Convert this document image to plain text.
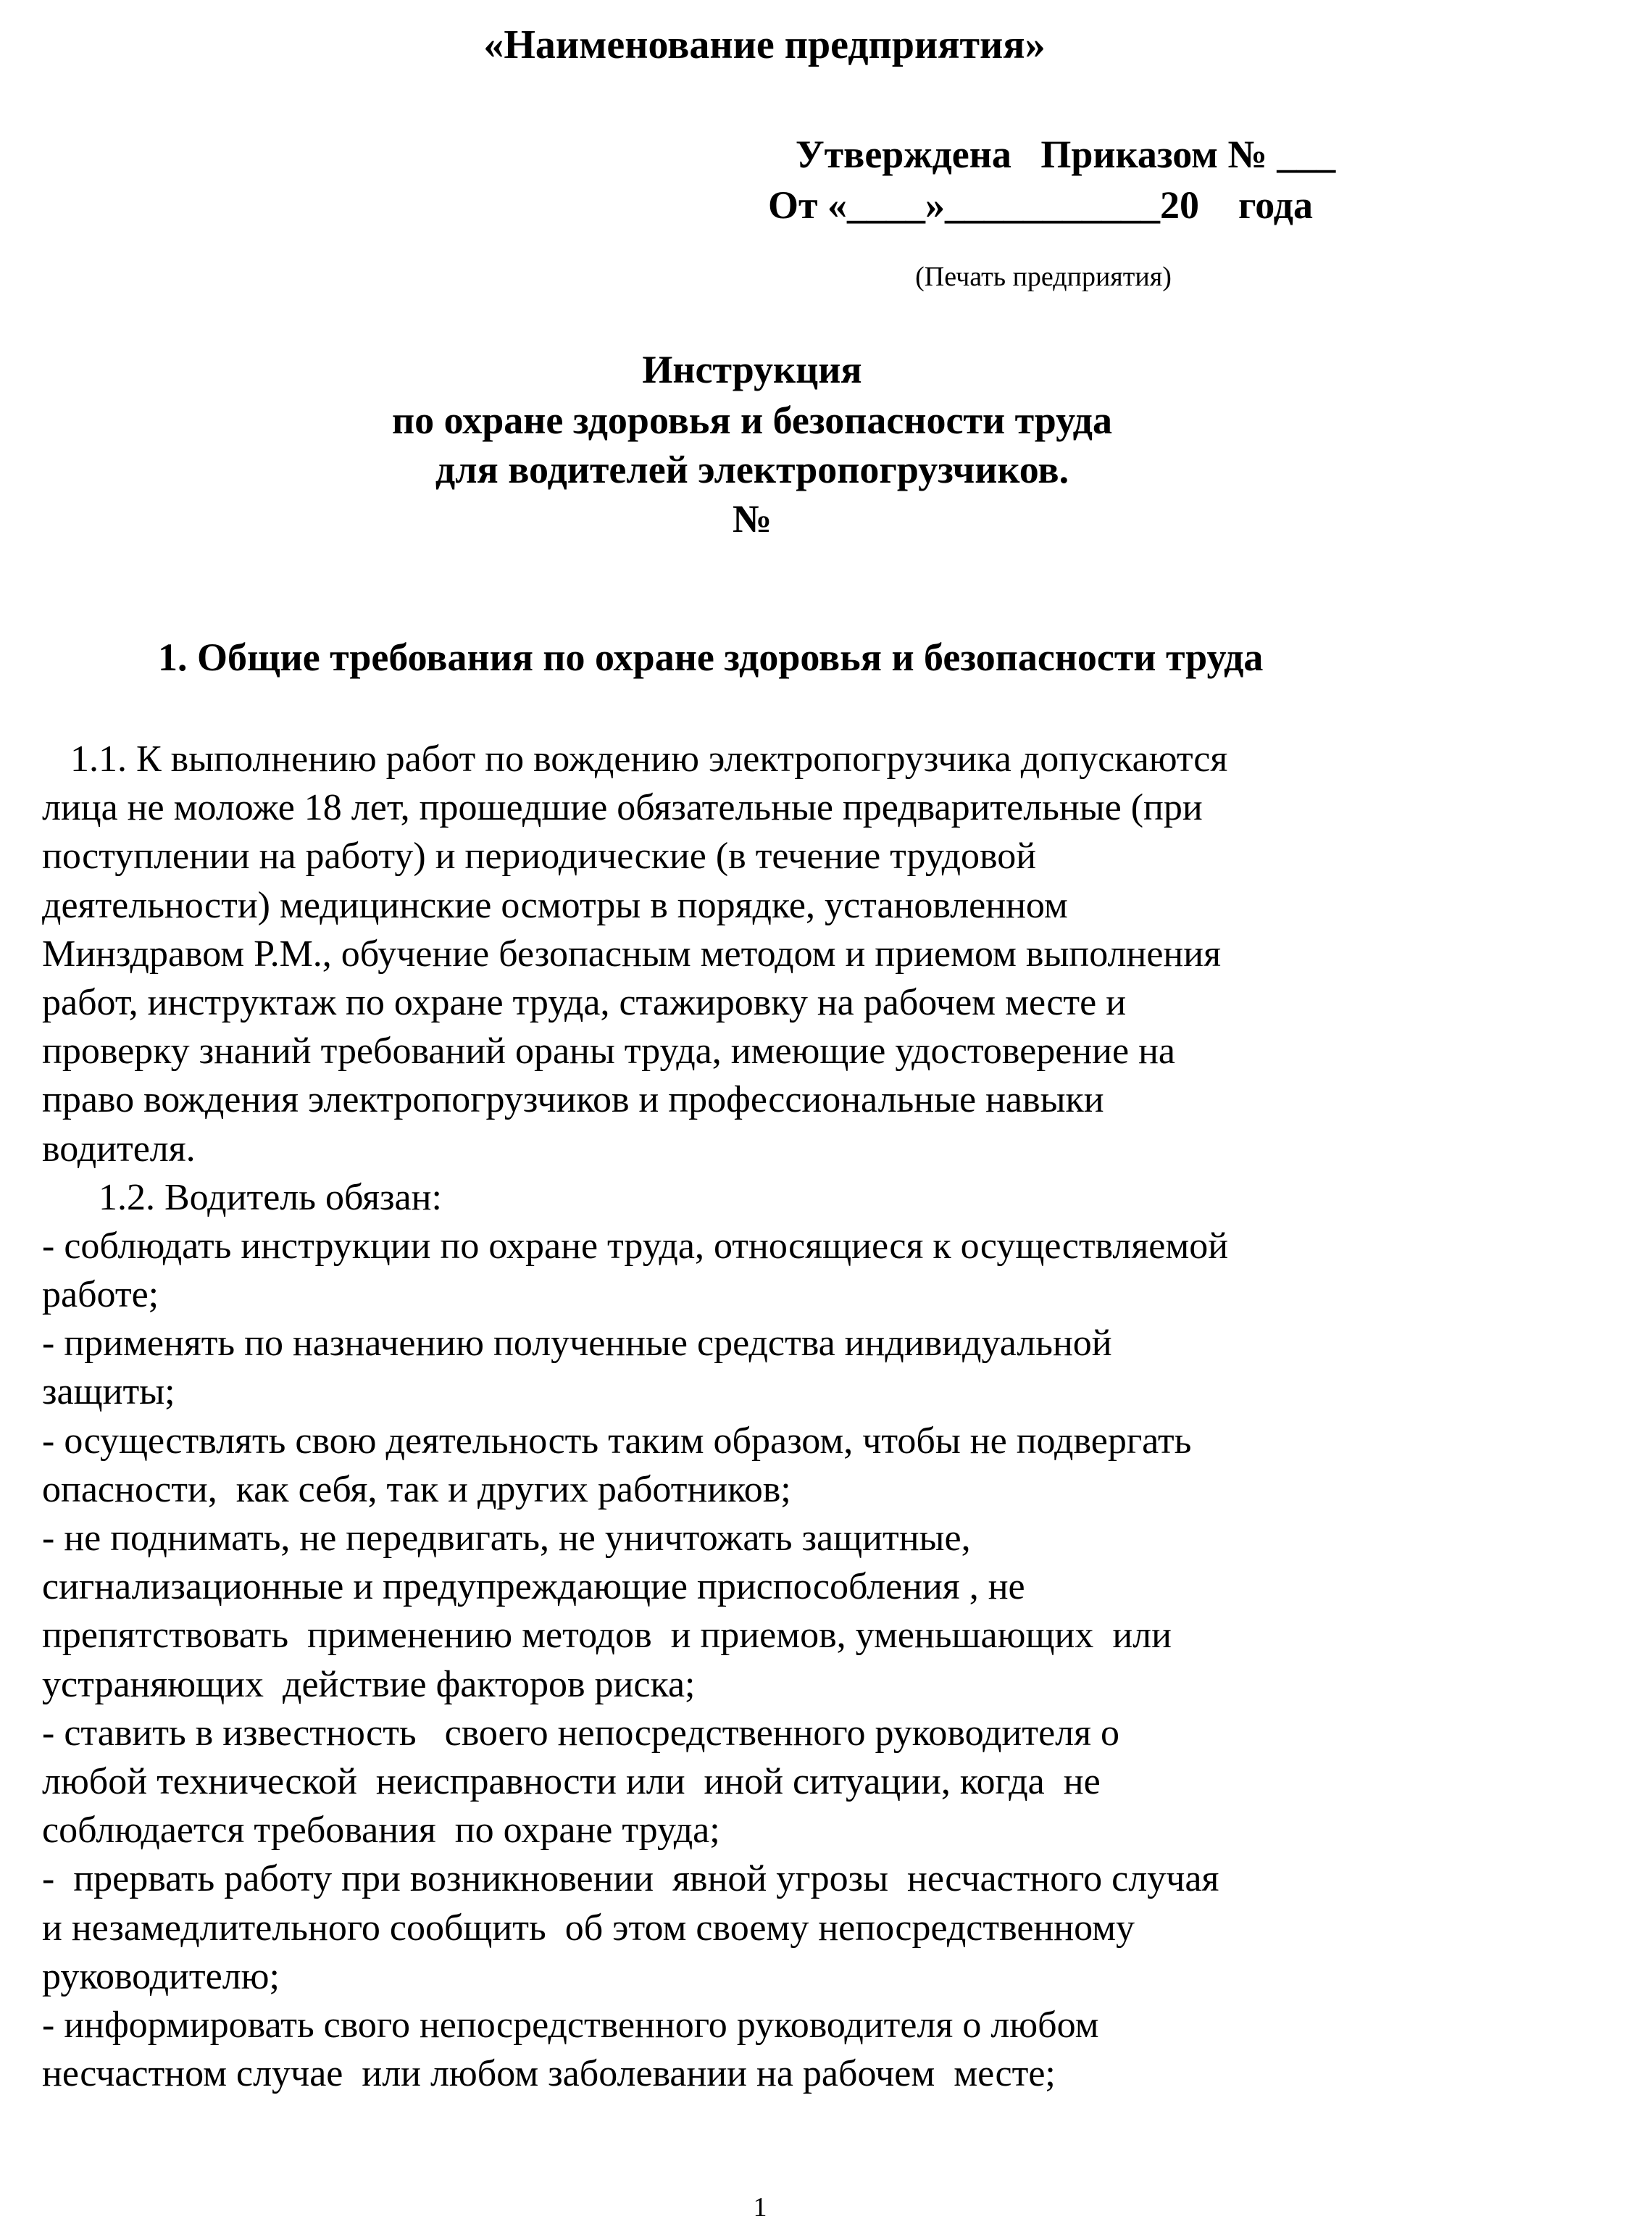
«Наименование предприятия»
Утверждена   Приказом № ___
От «____»___________20    года
(Печать предприятия)
Инструкция
по охране здоровья и безопасности труда
для водителей электропогрузчиков.
№
1. Общие требования по охране здоровья и безопасности труда
1.1. К выполнению работ по вождению электропогрузчика допускаются
лица не моложе 18 лет, прошедшие обязательные предварительные (при
поступлении на работу) и периодические (в течение трудовой
деятельности) медицинские осмотры в порядке, установленном
Минздравом Р.М., обучение безопасным методом и приемом выполнения
работ, инструктаж по охране труда, стажировку на рабочем месте и
проверку знаний требований ораны труда, имеющие удостоверение на
право вождения электропогрузчиков и профессиональные навыки
водителя.
1.2. Водитель обязан:
- соблюдать инструкции по охране труда, относящиеся к осуществляемой
работе;
- применять по назначению полученные средства индивидуальной
защиты;
- осуществлять свою деятельность таким образом, чтобы не подвергать
опасности,  как себя, так и других работников;
- не поднимать, не передвигать, не уничтожать защитные,
сигнализационные и предупреждающие приспособления , не
препятствовать  применению методов  и приемов, уменьшающих  или
устраняющих  действие факторов риска;
- ставить в известность   своего непосредственного руководителя о
любой технической  неисправности или  иной ситуации, когда  не
соблюдается требования  по охране труда;
-  прервать работу при возникновении  явной угрозы  несчастного случая
и незамедлительного сообщить  об этом своему непосредственному
руководителю;
- информировать свого непосредственного руководителя о любом
несчастном случае  или любом заболевании на рабочем  месте;
1
